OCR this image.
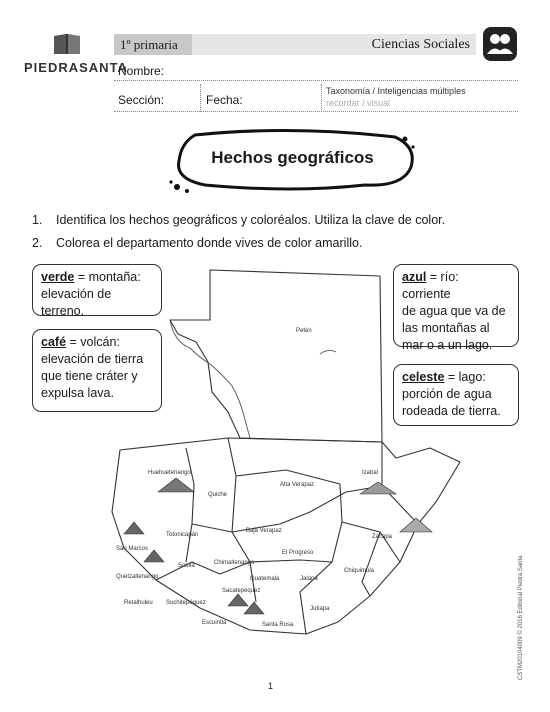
PIEDRASANTA
1º primaria	Ciencias Sociales
Nombre:
Sección:	Fecha:
Taxonomía / Inteligencias múltiples
recordar / visual
Hechos geográficos
1. Identifica los hechos geográficos y coloréalos. Utiliza la clave de color.
2. Colorea el departamento donde vives de color amarillo.
Petén
Huehuetenango
Quiché
Alta Verapaz
Izabal
Baja Verapaz
El Progreso
Zacapa
San Marcos
Totonicapán
Sololá	Chimaltenango
Guatemala
Quetzaltenango
Retalhuleu Suchitepéquez
Sacatepéquez
Escuintla	Santa Rosa
Jalapa
Chiquimula
Jutiapa
verde = montaña:
elevación de terreno.
café = volcán:
elevación de tierra
que tiene cráter y
expulsa lava.
azul = río: corriente
de agua que va de
las montañas al
mar o a un lago.
celeste = lago:
porción de agua
rodeada de tierra.
CSTM20104009 © 2016 Editorial Piedra Santa
1
